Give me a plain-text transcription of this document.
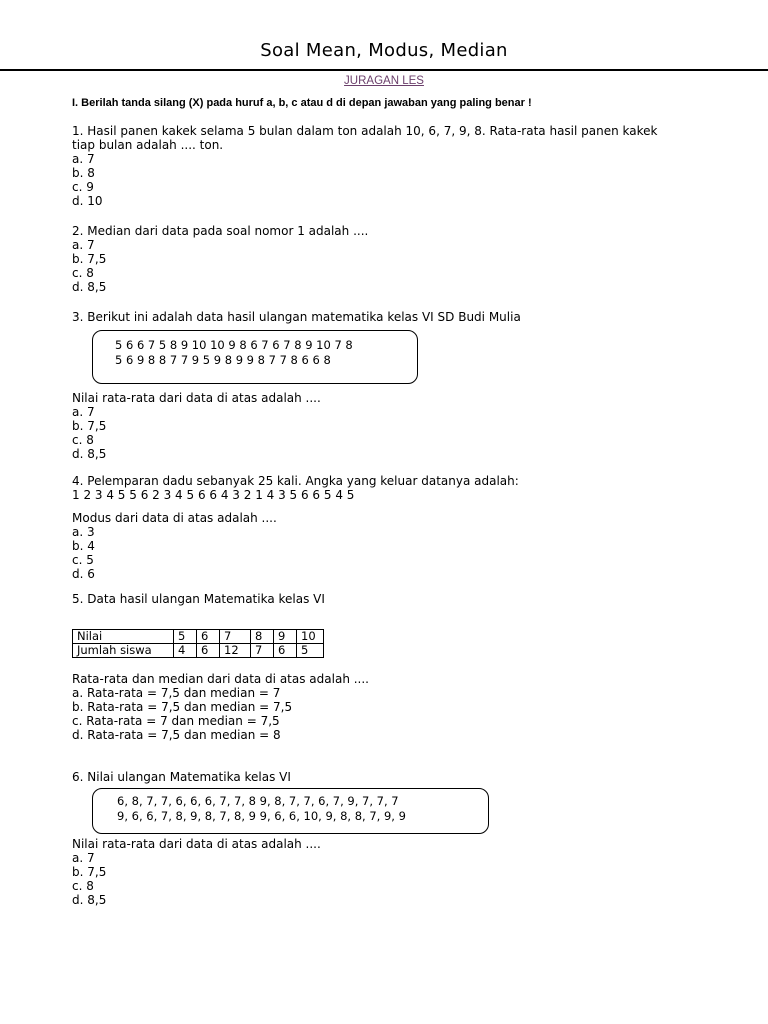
Soal Mean, Modus, Median
JURAGAN LES
I. Berilah tanda silang (X) pada huruf a, b, c atau d di depan jawaban yang paling benar !
1. Hasil panen kakek selama 5 bulan dalam ton adalah 10, 6, 7, 9, 8. Rata-rata hasil panen kakek
tiap bulan adalah .... ton.
a. 7
b. 8
c. 9
d. 10
2. Median dari data pada soal nomor 1 adalah ....
a. 7
b. 7,5
c. 8
d. 8,5
3. Berikut ini adalah data hasil ulangan matematika kelas VI SD Budi Mulia
5 6 6 7 5 8 9 10 10 9 8 6 7 6 7 8 9 10 7 8
5 6 9 8 8 7 7 9 5 9 8 9 9 8 7 7 8 6 6 8
Nilai rata-rata dari data di atas adalah ....
a. 7
b. 7,5
c. 8
d. 8,5
4. Pelemparan dadu sebanyak 25 kali. Angka yang keluar datanya adalah:
1 2 3 4 5 5 6 2 3 4 5 6 6 4 3 2 1 4 3 5 6 6 5 4 5
Modus dari data di atas adalah ....
a. 3
b. 4
c. 5
d. 6
5. Data hasil ulangan Matematika kelas VI
Nilai	5	6	7	8	9	10
Jumlah siswa	4	6	12	7	6	5
Rata-rata dan median dari data di atas adalah ....
a. Rata-rata = 7,5 dan median = 7
b. Rata-rata = 7,5 dan median = 7,5
c. Rata-rata = 7 dan median = 7,5
d. Rata-rata = 7,5 dan median = 8
6. Nilai ulangan Matematika kelas VI
6, 8, 7, 7, 6, 6, 6, 7, 7, 8 9, 8, 7, 7, 6, 7, 9, 7, 7, 7
9, 6, 6, 7, 8, 9, 8, 7, 8, 9 9, 6, 6, 10, 9, 8, 8, 7, 9, 9
Nilai rata-rata dari data di atas adalah ....
a. 7
b. 7,5
c. 8
d. 8,5
